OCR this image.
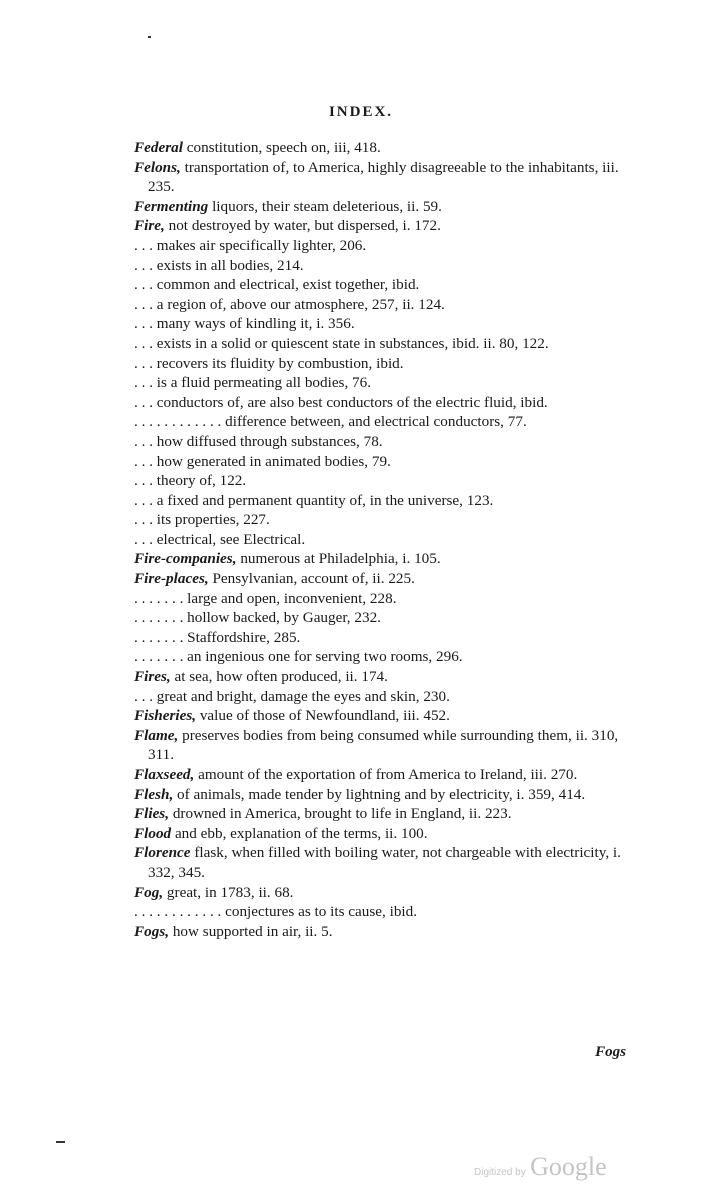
INDEX.

Federal constitution, speech on, iii, 418.

Felons, transportation of, to America, highly disagreeable to the inhabitants, iii. 235.

Fermenting liquors, their steam deleterious, ii. 59.

Fire, not destroyed by water, but dispersed, i. 172.

. . . makes air specifically lighter, 206.

. . . exists in all bodies, 214.

. . . common and electrical, exist together, ibid.

. . . a region of, above our atmosphere, 257, ii. 124.

. . . many ways of kindling it, i. 356.

. . . exists in a solid or quiescent state in substances, ibid. ii. 80, 122.

. . . recovers its fluidity by combustion, ibid.

. . . is a fluid permeating all bodies, 76.

. . . conductors of, are also best conductors of the electric fluid, ibid.

. . . . . . . . . . . . difference between, and electrical conductors, 77.

. . . how diffused through substances, 78.

. . . how generated in animated bodies, 79.

. . . theory of, 122.

. . . a fixed and permanent quantity of, in the universe, 123.

. . . its properties, 227.

. . . electrical, see Electrical.

Fire-companies, numerous at Philadelphia, i. 105.

Fire-places, Pensylvanian, account of, ii. 225.

. . . . . . . large and open, inconvenient, 228.

. . . . . . . hollow backed, by Gauger, 232.

. . . . . . . Staffordshire, 285.

. . . . . . . an ingenious one for serving two rooms, 296.

Fires, at sea, how often produced, ii. 174.

. . . great and bright, damage the eyes and skin, 230.

Fisheries, value of those of Newfoundland, iii. 452.

Flame, preserves bodies from being consumed while surrounding them, ii. 310, 311.

Flaxseed, amount of the exportation of from America to Ireland, iii. 270.

Flesh, of animals, made tender by lightning and by electricity, i. 359, 414.

Flies, drowned in America, brought to life in England, ii. 223.

Flood and ebb, explanation of the terms, ii. 100.

Florence flask, when filled with boiling water, not chargeable with electricity, i. 332, 345.

Fog, great, in 1783, ii. 68.

. . . . . . . . . . . . conjectures as to its cause, ibid.

Fogs, how supported in air, ii. 5.

Fogs
Digitized by Google
